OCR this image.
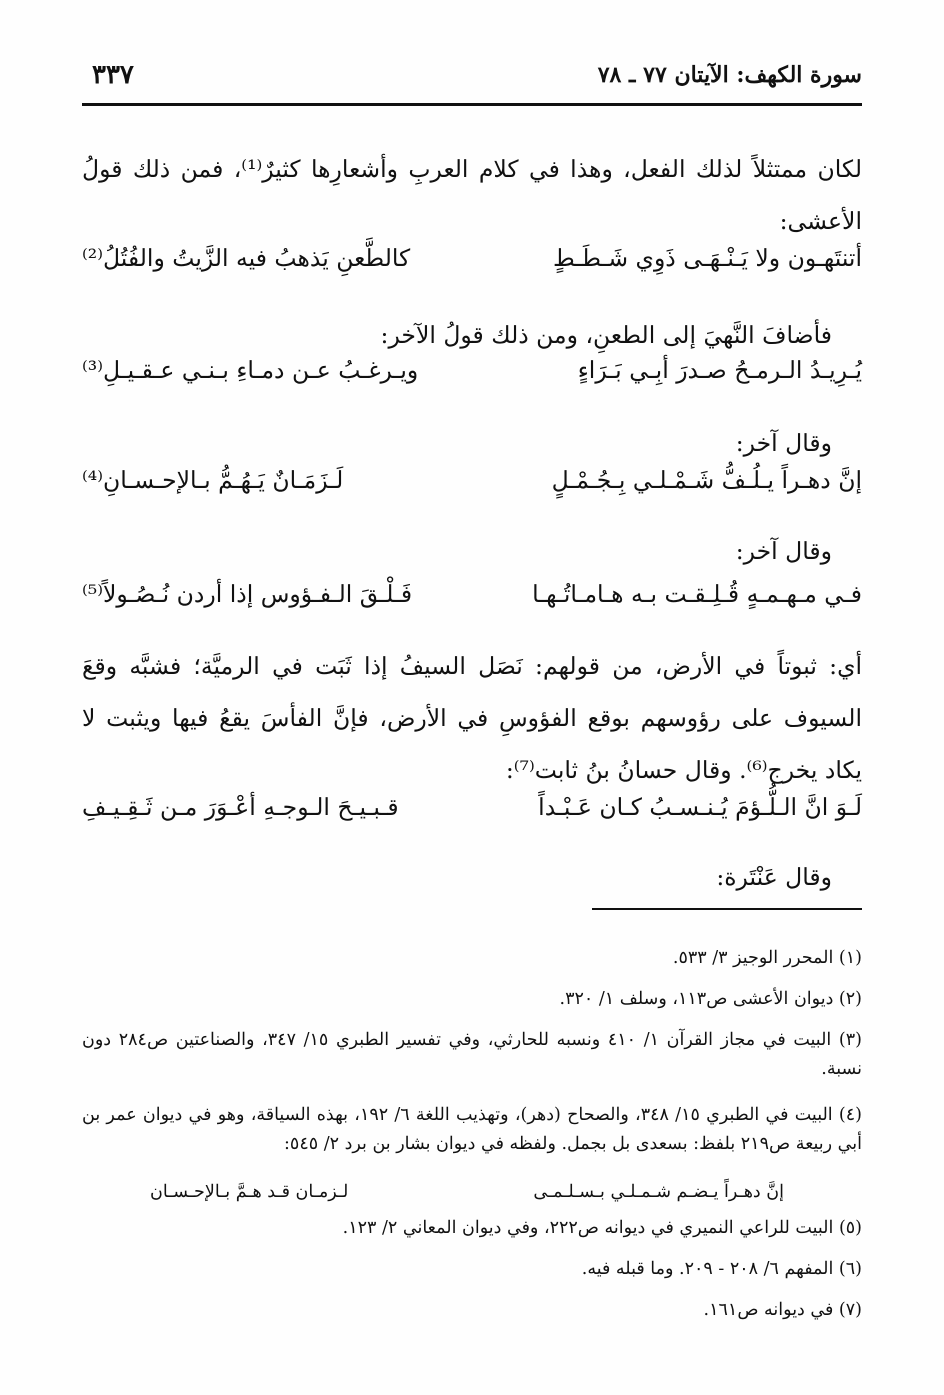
سورة الكهف: الآيتان ٧٧ ـ ٧٨
٣٣٧
لكان ممتثلاً لذلك الفعل، وهذا في كلام العربِ وأشعارِها كثيرٌ⁽¹⁾، فمن ذلك قولُ الأعشى:
أتنتَهـون ولا يَـنْـهَـى ذَوِي شَـطَـطٍ
كالطَّعنِ يَذهبُ فيه الزَّيتُ والفُتُلُ⁽²⁾
فأضافَ النَّهيَ إلى الطعنِ، ومن ذلك قولُ الآخر:
يُـرِيـدُ الـرمـحُ صـدرَ أبِـي بَـرَاءٍ
ويـرغـبُ عـن دمـاءِ بـنـي عـقـيـلِ⁽³⁾
وقال آخر:
إنَّ دهـراً يـلُـفُّ شَـمْـلـي بِـجُـمْـلٍ
لَـزَمَـانٌ يَـهُـمُّ بـالإحـسـانِ⁽⁴⁾
وقال آخر:
فـي مـهـمـهٍ قُـلِـقـت بـه هـامـاتُـهـا
فَـلْـقَ الـفـؤوس إذا أردن نُـصُـولاً⁽⁵⁾
أي: ثبوتاً في الأرض، من قولهم: نَصَل السيفُ إذا ثَبَت في الرميَّة؛ فشبَّه وقعَ السيوف على رؤوسهم بوقع الفؤوسِ في الأرض، فإنَّ الفأسَ يقعُ فيها ويثبت لا يكاد يخرج⁽⁶⁾. وقال حسانُ بنُ ثابت⁽⁷⁾:
لَـوَ انَّ الـلُّـؤمَ يُـنـسـبُ كـان عَـبْـداً
قـبـيـحَ الـوجـهِ أعْـوَرَ مـن ثَـقِـيـفِ
وقال عَنْتَرة:
(١) المحرر الوجيز ٣/ ٥٣٣.
(٢) ديوان الأعشى ص١١٣، وسلف ١/ ٣٢٠.
(٣) البيت في مجاز القرآن ١/ ٤١٠ ونسبه للحارثي، وفي تفسير الطبري ١٥/ ٣٤٧، والصناعتين ص٢٨٤ دون نسبة.
(٤) البيت في الطبري ١٥/ ٣٤٨، والصحاح (دهر)، وتهذيب اللغة ٦/ ١٩٢، بهذه السياقة، وهو في ديوان عمر بن أبي ربيعة ص٢١٩ بلفظ: بسعدى بل بجمل. ولفظه في ديوان بشار بن برد ٢/ ٥٤٥:
إنَّ دهـراً يـضـم شـمـلـي بـسـلـمـى
لـزمـان قـد هـمَّ بـالإحـسـان
(٥) البيت للراعي النميري في ديوانه ص٢٢٢، وفي ديوان المعاني ٢/ ١٢٣.
(٦) المفهم ٦/ ٢٠٨ - ٢٠٩. وما قبله فيه.
(٧) في ديوانه ص١٦١.
